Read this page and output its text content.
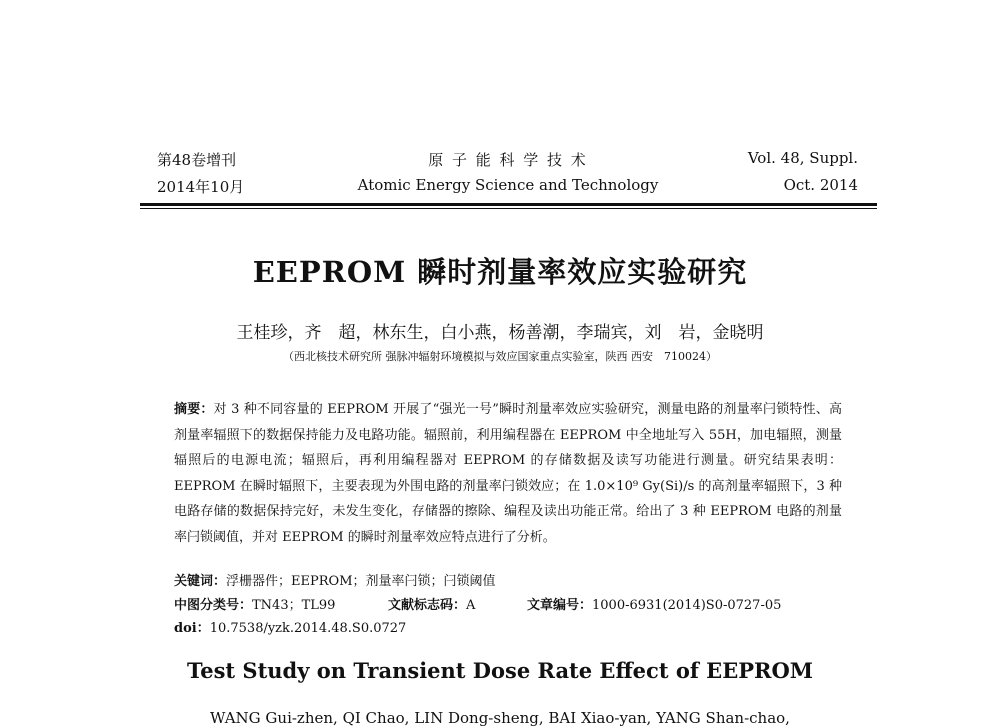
第48卷增刊
2014年10月
原 子 能 科 学 技 术
Atomic Energy Science and Technology
Vol. 48, Suppl.
Oct. 2014
EEPROM 瞬时剂量率效应实验研究
王桂珍，齐　超，林东生，白小燕，杨善潮，李瑞宾，刘　岩，金晓明
（西北核技术研究所 强脉冲辐射环境模拟与效应国家重点实验室，陕西 西安　710024）
摘要：对 3 种不同容量的 EEPROM 开展了“强光一号”瞬时剂量率效应实验研究，测量电路的剂量率闩锁特性、高剂量率辐照下的数据保持能力及电路功能。辐照前，利用编程器在 EEPROM 中全地址写入 55H，加电辐照，测量辐照后的电源电流；辐照后，再利用编程器对 EEPROM 的存储数据及读写功能进行测量。研究结果表明：EEPROM 在瞬时辐照下，主要表现为外围电路的剂量率闩锁效应；在 1.0×10⁹ Gy(Si)/s 的高剂量率辐照下，3 种电路存储的数据保持完好，未发生变化，存储器的擦除、编程及读出功能正常。给出了 3 种 EEPROM 电路的剂量率闩锁阈值，并对 EEPROM 的瞬时剂量率效应特点进行了分析。
关键词：浮栅器件；EEPROM；剂量率闩锁；闩锁阈值
中图分类号：TN43；TL99	文献标志码：A	文章编号：1000-6931(2014)S0-0727-05
doi：10.7538/yzk.2014.48.S0.0727
Test Study on Transient Dose Rate Effect of EEPROM
WANG Gui-zhen, QI Chao, LIN Dong-sheng, BAI Xiao-yan, YANG Shan-chao,
